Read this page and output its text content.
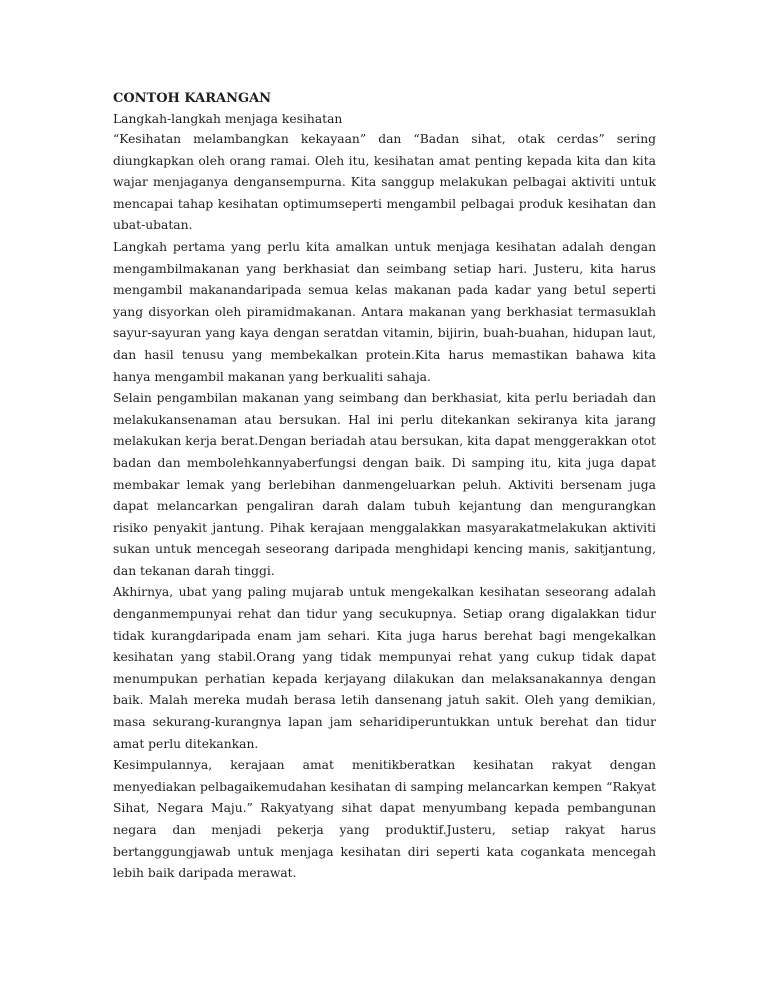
CONTOH KARANGAN

Langkah-langkah menjaga kesihatan

“Kesihatan melambangkan kekayaan” dan “Badan sihat, otak cerdas” sering diungkapkan oleh orang ramai. Oleh itu, kesihatan amat penting kepada kita dan kita wajar menjaganya dengansempurna. Kita sanggup melakukan pelbagai aktiviti untuk mencapai tahap kesihatan optimumseperti mengambil pelbagai produk kesihatan dan ubat-ubatan.

Langkah pertama yang perlu kita amalkan untuk menjaga kesihatan adalah dengan mengambilmakanan yang berkhasiat dan seimbang setiap hari. Justeru, kita harus mengambil makanandaripada semua kelas makanan pada kadar yang betul seperti yang disyorkan oleh piramidmakanan. Antara makanan yang berkhasiat termasuklah sayur-sayuran yang kaya dengan seratdan vitamin, bijirin, buah-buahan, hidupan laut, dan hasil tenusu yang membekalkan protein.Kita harus memastikan bahawa kita hanya mengambil makanan yang berkualiti sahaja.

Selain pengambilan makanan yang seimbang dan berkhasiat, kita perlu beriadah dan melakukansenaman atau bersukan. Hal ini perlu ditekankan sekiranya kita jarang melakukan kerja berat.Dengan beriadah atau bersukan, kita dapat menggerakkan otot badan dan membolehkannyaberfungsi dengan baik. Di samping itu, kita juga dapat membakar lemak yang berlebihan danmengeluarkan peluh. Aktiviti bersenam juga dapat melancarkan pengaliran darah dalam tubuh kejantung dan mengurangkan risiko penyakit jantung. Pihak kerajaan menggalakkan masyarakatmelakukan aktiviti sukan untuk mencegah seseorang daripada menghidapi kencing manis, sakitjantung, dan tekanan darah tinggi.

Akhirnya, ubat yang paling mujarab untuk mengekalkan kesihatan seseorang adalah denganmempunyai rehat dan tidur yang secukupnya. Setiap orang digalakkan tidur tidak kurangdaripada enam jam sehari. Kita juga harus berehat bagi mengekalkan kesihatan yang stabil.Orang yang tidak mempunyai rehat yang cukup tidak dapat menumpukan perhatian kepada kerjayang dilakukan dan melaksanakannya dengan baik. Malah mereka mudah berasa letih dansenang jatuh sakit. Oleh yang demikian, masa sekurang-kurangnya lapan jam seharidiperuntukkan untuk berehat dan tidur amat perlu ditekankan.

Kesimpulannya, kerajaan amat menitikberatkan kesihatan rakyat dengan menyediakan pelbagaikemudahan kesihatan di samping melancarkan kempen “Rakyat Sihat, Negara Maju.” Rakyatyang sihat dapat menyumbang kepada pembangunan negara dan menjadi pekerja yang produktif.Justeru, setiap rakyat harus bertanggungjawab untuk menjaga kesihatan diri seperti kata cogankata mencegah lebih baik daripada merawat.
